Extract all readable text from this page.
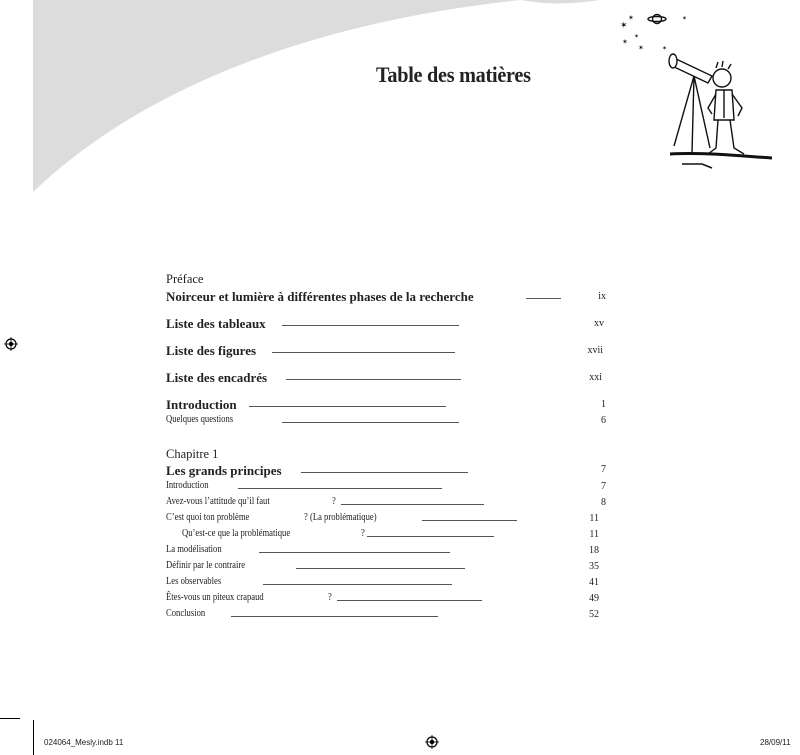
Table des matières
✶
✶
✶
✶
✶
✶
✶
Préface
Noirceur et lumière à différentes phases de la recherche	ix
Liste des tableaux	xv
Liste des figures	xvii
Liste des encadrés	xxi
Introduction	1
Quelques questions	6
Chapitre 1
Les grands principes	7
Introduction	7
Avez-vous l’attitude qu’il faut	?	8
C’est quoi ton problème	? (La problématique)	11
Qu’est-ce que la problématique	?	11
La modélisation	18
Définir par le contraire	35
Les observables	41
Êtes-vous un piteux crapaud	?	49
Conclusion	52
024064_Mesly.indb 11	28/09/11
